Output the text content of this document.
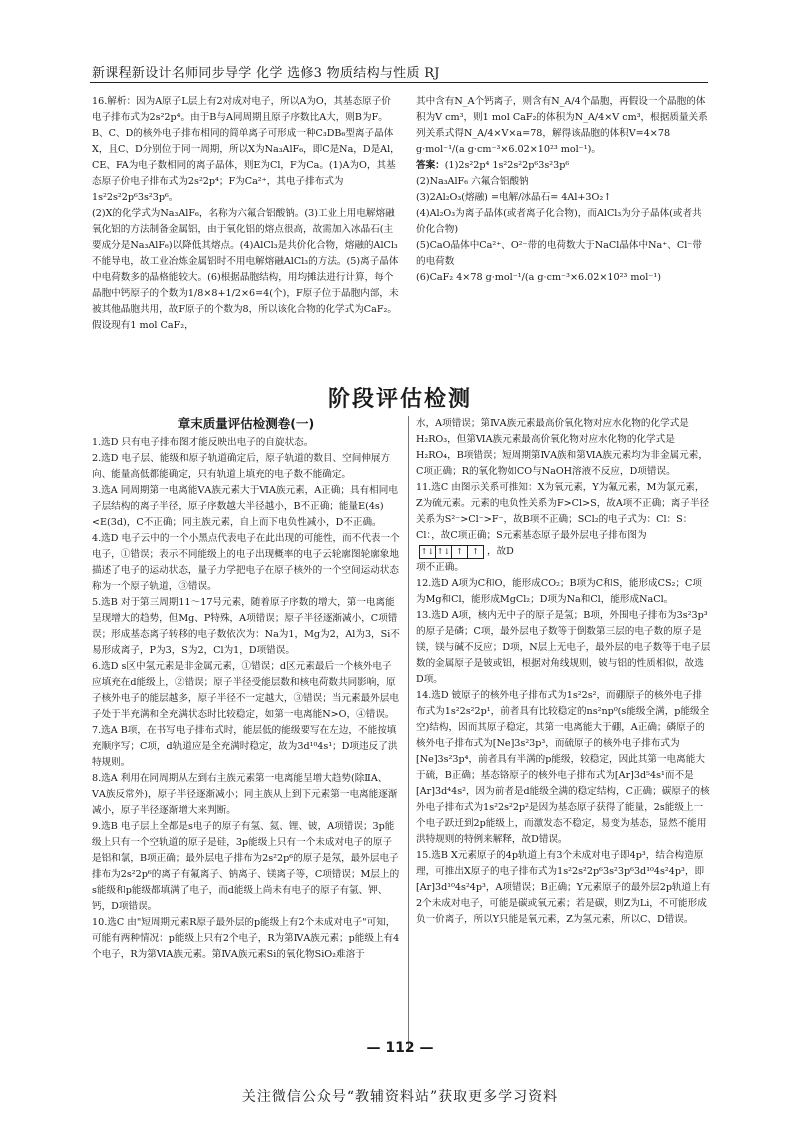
新课程新设计名师同步导学 化学 选修3 物质结构与性质 RJ

16.解析：因为A原子L层上有2对成对电子，所以A为O，其基态原子价电子排布式为2s²2p⁴。由于B与A同周期且原子序数比A大，则B为F。B、C、D的核外电子排布相同的简单离子可形成一种C₃DB₆型离子晶体X，且C、D分别位于同一周期，所以X为Na₃AlF₆，即C是Na，D是Al，CE、FA为电子数相同的离子晶体，则E为Cl，F为Ca。(1)A为O，其基态原子价电子排布式为2s²2p⁴；F为Ca²⁺，其电子排布式为1s²2s²2p⁶3s²3p⁶。

(2)X的化学式为Na₃AlF₆，名称为六氟合铝酸钠。(3)工业上用电解熔融氧化铝的方法制备金属铝，由于氧化铝的熔点很高，故需加入冰晶石(主要成分是Na₃AlF₆)以降低其熔点。(4)AlCl₃是共价化合物，熔融的AlCl₃不能导电，故工业冶炼金属铝时不用电解熔融AlCl₃的方法。(5)离子晶体中电荷数多的晶格能较大。(6)根据晶胞结构，用均摊法进行计算，每个晶胞中钙原子的个数为1/8×8+1/2×6=4(个)，F原子位于晶胞内部，未被其他晶胞共用，故F原子的个数为8，所以该化合物的化学式为CaF₂。假设现有1 mol CaF₂，

其中含有N_A个钙离子，则含有N_A/4个晶胞，再假设一个晶胞的体积为V cm³，则1 mol CaF₂的体积为N_A/4×V cm³，根据质量关系列关系式得N_A/4×V×a=78，解得该晶胞的体积V=4×78 g·mol⁻¹/(a g·cm⁻³×6.02×10²³ mol⁻¹)。

答案：(1)2s²2p⁴ 1s²2s²2p⁶3s²3p⁶

(2)Na₃AlF₆ 六氟合铝酸钠

(3)2Al₂O₃(熔融) =电解/冰晶石= 4Al+3O₂↑

(4)Al₂O₃为离子晶体(或者离子化合物)，而AlCl₃为分子晶体(或者共价化合物)

(5)CaO晶体中Ca²⁺、O²⁻带的电荷数大于NaCl晶体中Na⁺、Cl⁻带的电荷数

(6)CaF₂ 4×78 g·mol⁻¹/(a g·cm⁻³×6.02×10²³ mol⁻¹)

阶段评估检测

章末质量评估检测卷(一)

1.选D 只有电子排布图才能反映出电子的自旋状态。

2.选D 电子层、能级和原子轨道确定后，原子轨道的数目、空间伸展方向、能量高低都能确定，只有轨道上填充的电子数不能确定。

3.选A 同周期第一电离能ⅤA族元素大于ⅥA族元素，A正确；具有相同电子层结构的离子半径，原子序数越大半径越小，B不正确；能量E(4s)<E(3d)，C不正确；同主族元素，自上而下电负性减小，D不正确。

4.选D 电子云中的一个小黑点代表电子在此出现的可能性，而不代表一个电子，①错误；表示不同能级上的电子出现概率的电子云轮廓图轮廓象地描述了电子的运动状态，量子力学把电子在原子核外的一个空间运动状态称为一个原子轨道，③错误。

5.选B 对于第三周期11～17号元素，随着原子序数的增大，第一电离能呈现增大的趋势，但Mg、P特殊，A项错误；原子半径逐渐减小，C项错误；形成基态离子转移的电子数依次为：Na为1，Mg为2，Al为3，Si不易形成离子，P为3，S为2，Cl为1，D项错误。

6.选D s区中氢元素是非金属元素，①错误；d区元素最后一个核外电子应填充在d能级上，②错误；原子半径受能层数和核电荷数共同影响，原子核外电子的能层越多，原子半径不一定越大，③错误；当元素最外层电子处于半充满和全充满状态时比较稳定，如第一电离能N>O，④错误。

7.选A B项，在书写电子排布式时，能层低的能级要写在左边，不能按填充顺序写；C项，d轨道应是全充满时稳定，故为3d¹⁰4s¹；D项违反了洪特规则。

8.选A 利用在同周期从左到右主族元素第一电离能呈增大趋势(除ⅡA、ⅤA族反常外)，原子半径逐渐减小；同主族从上到下元素第一电离能逐渐减小，原子半径逐渐增大来判断。

9.选B 电子层上全都是s电子的原子有氢、氦、锂、铍，A项错误；3p能级上只有一个空轨道的原子是硅，3p能级上只有一个未成对电子的原子是铝和氯，B项正确；最外层电子排布为2s²2p⁶的原子是氖，最外层电子排布为2s²2p⁶的离子有氟离子、钠离子、镁离子等，C项错误；M层上的s能级和p能级都填满了电子，而d能级上尚未有电子的原子有氩、钾、钙，D项错误。

10.选C 由"短周期元素R原子最外层的p能级上有2个未成对电子"可知，可能有两种情况：p能级上只有2个电子，R为第ⅣA族元素；p能级上有4个电子，R为第ⅥA族元素。第ⅣA族元素Si的氧化物SiO₂难溶于

水，A项错误；第ⅣA族元素最高价氧化物对应水化物的化学式是H₂RO₃，但第ⅥA族元素最高价氧化物对应水化物的化学式是H₂RO₄，B项错误；短周期第ⅣA族和第ⅥA族元素均为非金属元素，C项正确；R的氧化物如CO与NaOH溶液不反应，D项错误。

11.选C 由图示关系可推知：X为氧元素，Y为氟元素，M为氯元素，Z为硫元素。元素的电负性关系为F>Cl>S，故A项不正确；离子半径关系为S²⁻>Cl⁻>F⁻，故B项不正确；SCl₂的电子式为：Cl：S：Cl：，故C项正确；S元素基态原子最外层电子排布图为
↑↓ ↑↓ ↑	↑ ，故D

项不正确。

12.选D A项为C和O，能形成CO₂；B项为C和S，能形成CS₂；C项为Mg和Cl，能形成MgCl₂；D项为Na和Cl，能形成NaCl。

13.选D A项，核内无中子的原子是氢；B项，外围电子排布为3s²3p³的原子是磷；C项，最外层电子数等于倒数第三层的电子数的原子是镁，镁与碱不反应；D项，N层上无电子，最外层的电子数等于电子层数的金属原子是铍或铝，根据对角线规则，铍与铝的性质相似，故选D项。

14.选D 铍原子的核外电子排布式为1s²2s²，而硼原子的核外电子排布式为1s²2s²2p¹，前者具有比较稳定的ns²np⁰(s能级全满，p能级全空)结构，因而其原子稳定，其第一电离能大于硼，A正确；磷原子的核外电子排布式为[Ne]3s²3p³，而硫原子的核外电子排布式为[Ne]3s²3p⁴，前者具有半满的p能级，较稳定，因此其第一电离能大于硫，B正确；基态铬原子的核外电子排布式为[Ar]3d⁵4s¹而不是[Ar]3d⁴4s²，因为前者是d能级全满的稳定结构，C正确；碳原子的核外电子排布式为1s²2s²2p²是因为基态原子获得了能量，2s能级上一个电子跃迁到2p能级上，而激发态不稳定，易变为基态，显然不能用洪特规则的特例来解释，故D错误。

15.选B X元素原子的4p轨道上有3个未成对电子即4p³，结合构造原理，可推出X原子的电子排布式为1s²2s²2p⁶3s²3p⁶3d¹⁰4s²4p³，即[Ar]3d¹⁰4s²4p³，A项错误；B正确；Y元素原子的最外层2p轨道上有2个未成对电子，可能是碳或氧元素；若是碳，则Z为Li，不可能形成负一价离子，所以Y只能是氧元素，Z为氢元素，所以C、D错误。

— 112 —
关注微信公众号“教辅资料站”获取更多学习资料
